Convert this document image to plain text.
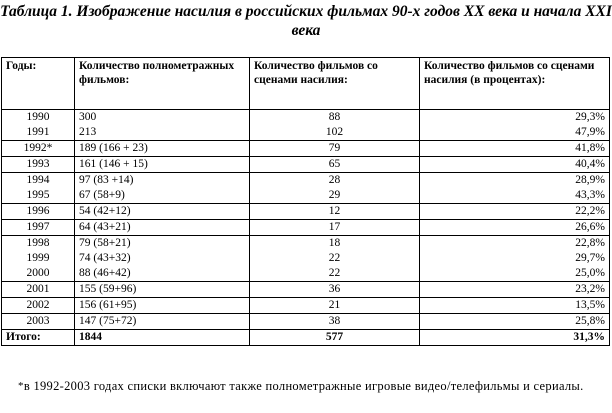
Таблица 1. Изображение насилия в российских фильмах 90-х годов XX века и начала XXI века
Годы:	Количество полнометражных фильмов:	Количество фильмов со сценами насилия:	Количество фильмов со сценами насилия (в процентах):
1990	300	88	29,3%
1991	213	102	47,9%
1992*	189 (166 + 23)	79	41,8%
1993	161 (146 + 15)	65	40,4%
1994	97 (83 +14)	28	28,9%
1995	67 (58+9)	29	43,3%
1996	54 (42+12)	12	22,2%
1997	64 (43+21)	17	26,6%
1998	79 (58+21)	18	22,8%
1999	74 (43+32)	22	29,7%
2000	88 (46+42)	22	25,0%
2001	155 (59+96)	36	23,2%
2002	156 (61+95)	21	13,5%
2003	147 (75+72)	38	25,8%
Итого:	1844	577	31,3%
*в 1992-2003 годах списки включают также полнометражные игровые видео/телефильмы и сериалы.
